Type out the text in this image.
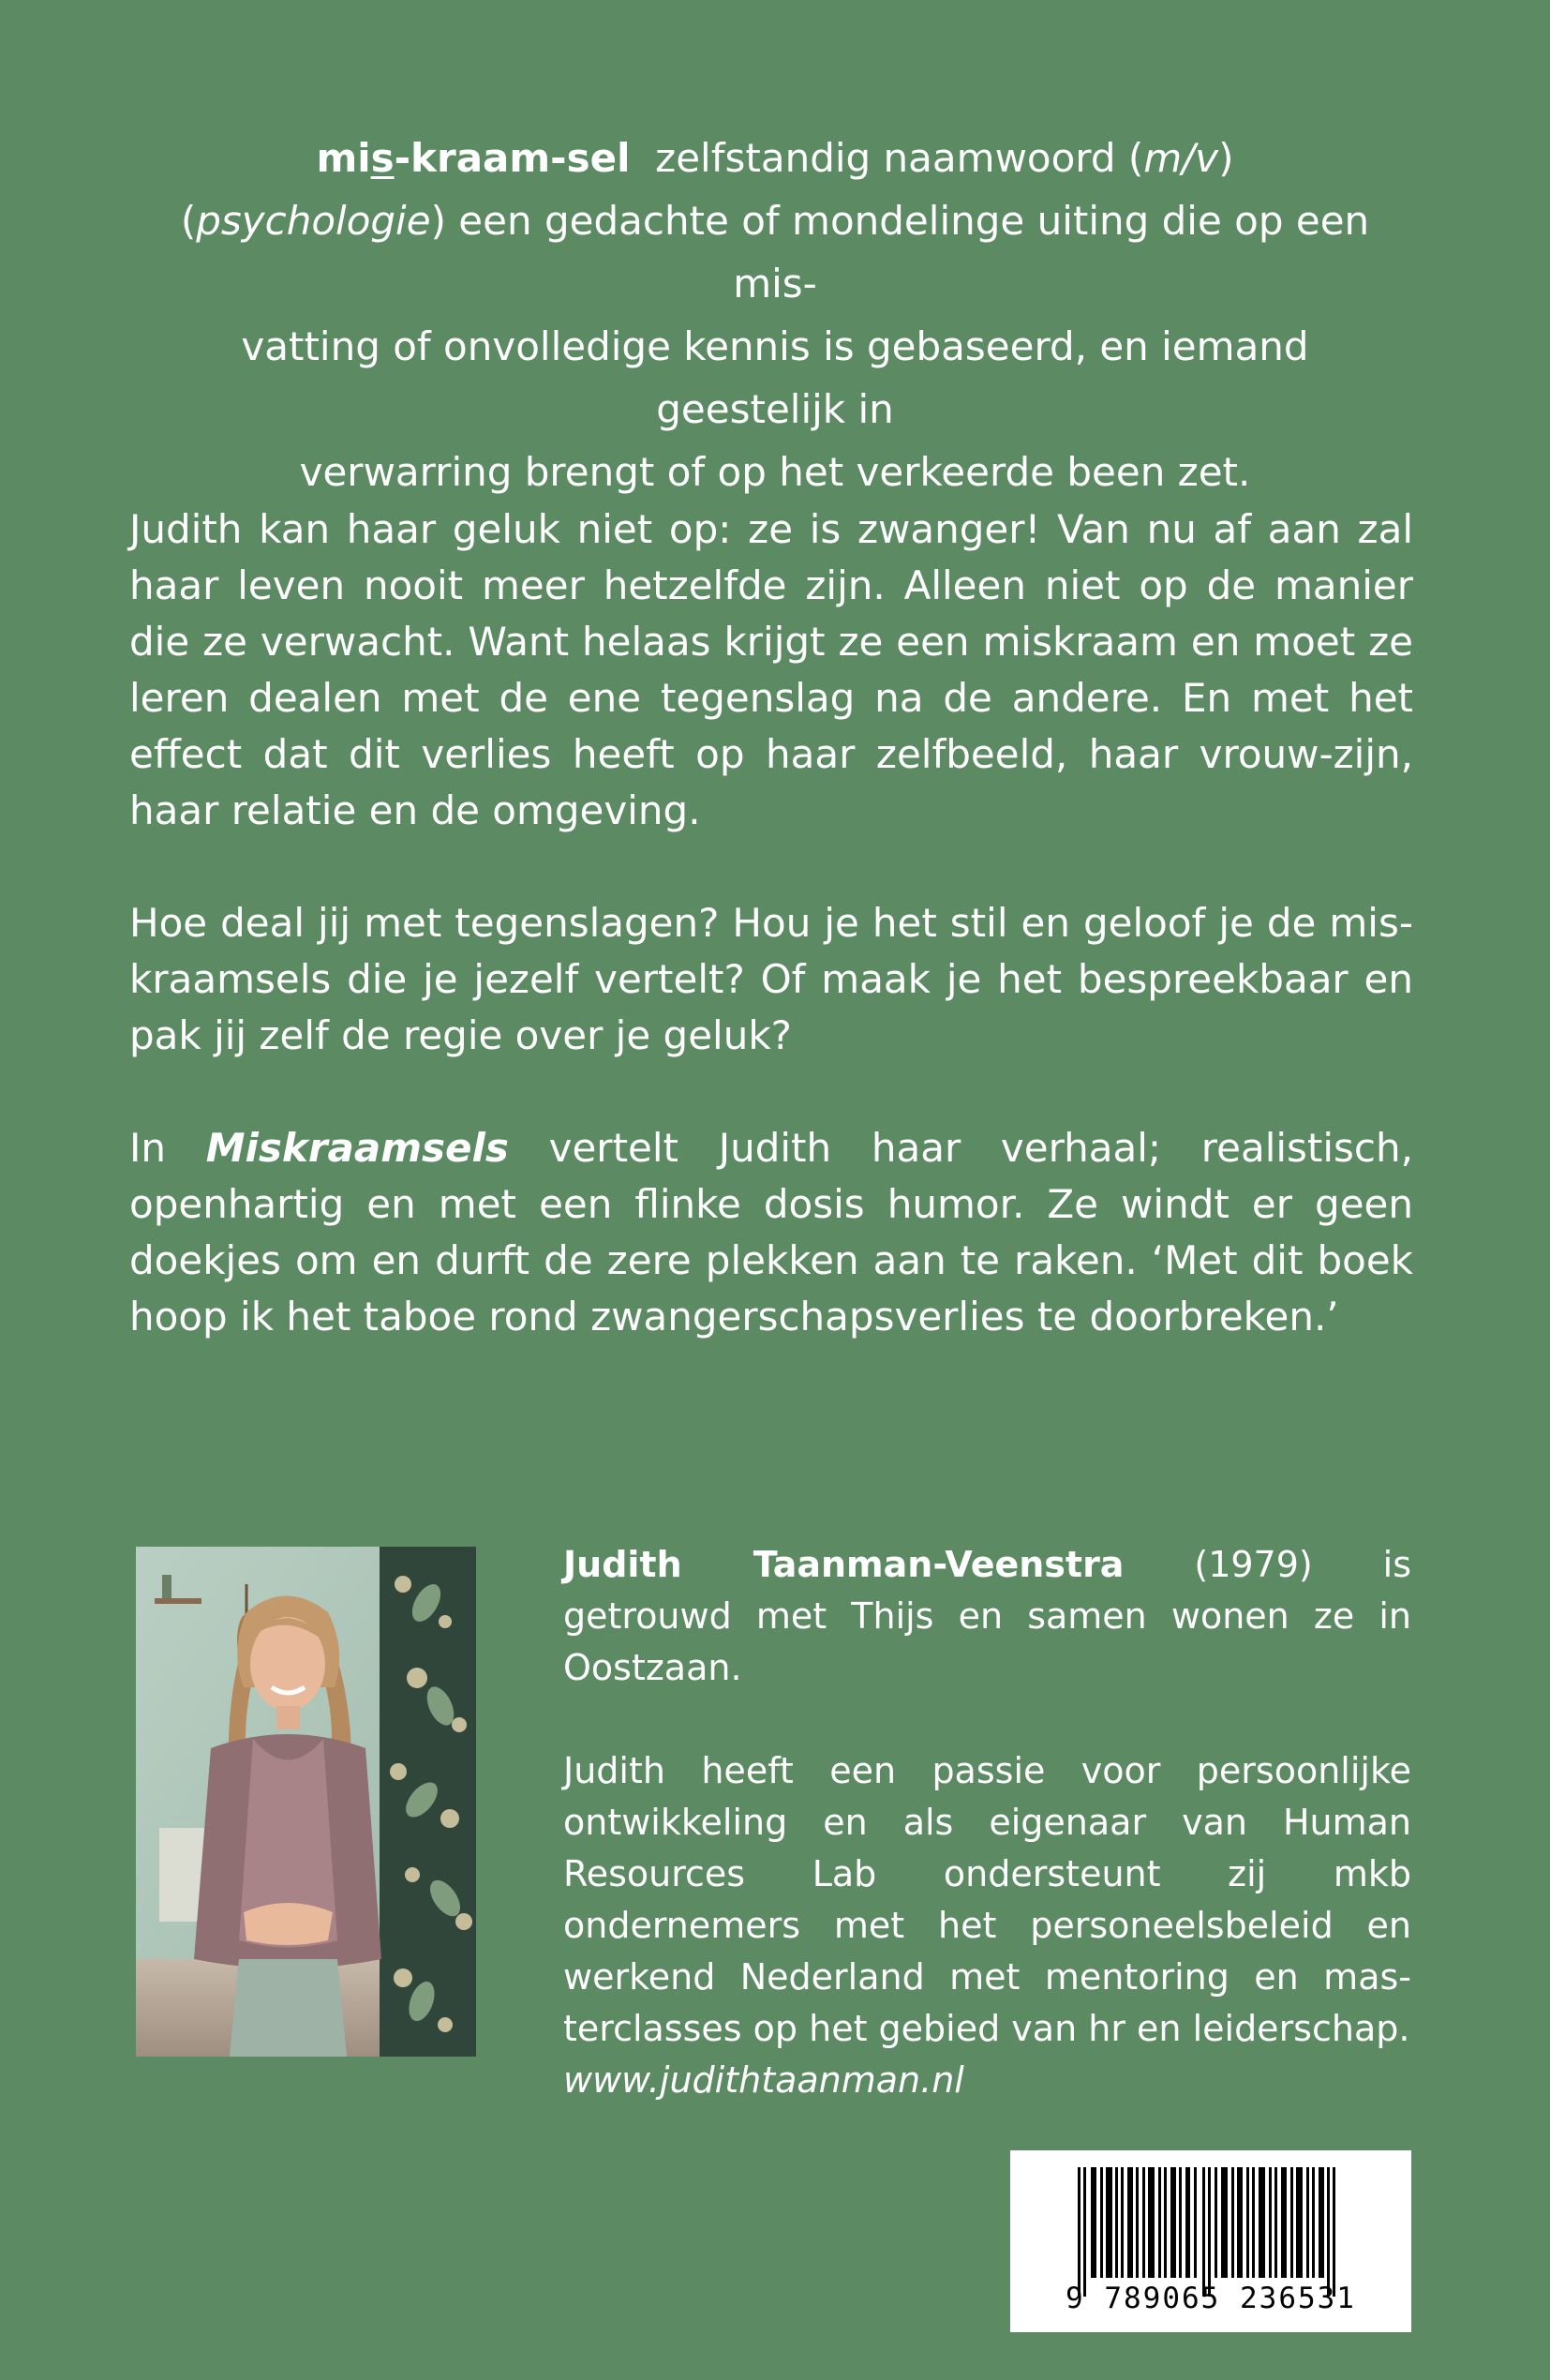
mis-kraam-sel zelfstandig naamwoord (m/v)

(psychologie) een gedachte of mondelinge uiting die op een mis-

vatting of onvolledige kennis is gebaseerd, en iemand geestelijk in

verwarring brengt of op het verkeerde been zet.

Judith kan haar geluk niet op: ze is zwanger! Van nu af aan zal haar leven nooit meer hetzelfde zijn. Alleen niet op de manier die ze verwacht. Want helaas krijgt ze een miskraam en moet ze leren dealen met de ene tegenslag na de andere. En met het effect dat dit verlies heeft op haar zelfbeeld, haar vrouw-zijn, haar relatie en de omgeving.

Hoe deal jij met tegenslagen? Hou je het stil en geloof je de miskraamsels die je jezelf vertelt? Of maak je het bespreekbaar en pak jij zelf de regie over je geluk?

In Miskraamsels vertelt Judith haar verhaal; realistisch, openhartig en met een flinke dosis humor. Ze windt er geen doekjes om en durft de zere plekken aan te raken. ‘Met dit boek hoop ik het taboe rond zwangerschapsverlies te doorbreken.’

Judith Taanman-Veenstra (1979) is getrouwd met Thijs en samen wonen ze in Oostzaan.

Judith heeft een passie voor persoonlijke ontwikkeling en als eigenaar van Human Resources Lab ondersteunt zij mkb ondernemers met het personeelsbeleid en werkend Nederland met mentoring en masterclasses op het gebied van hr en leiderschap.
www.judithtaanman.nl

9 789065 236531
